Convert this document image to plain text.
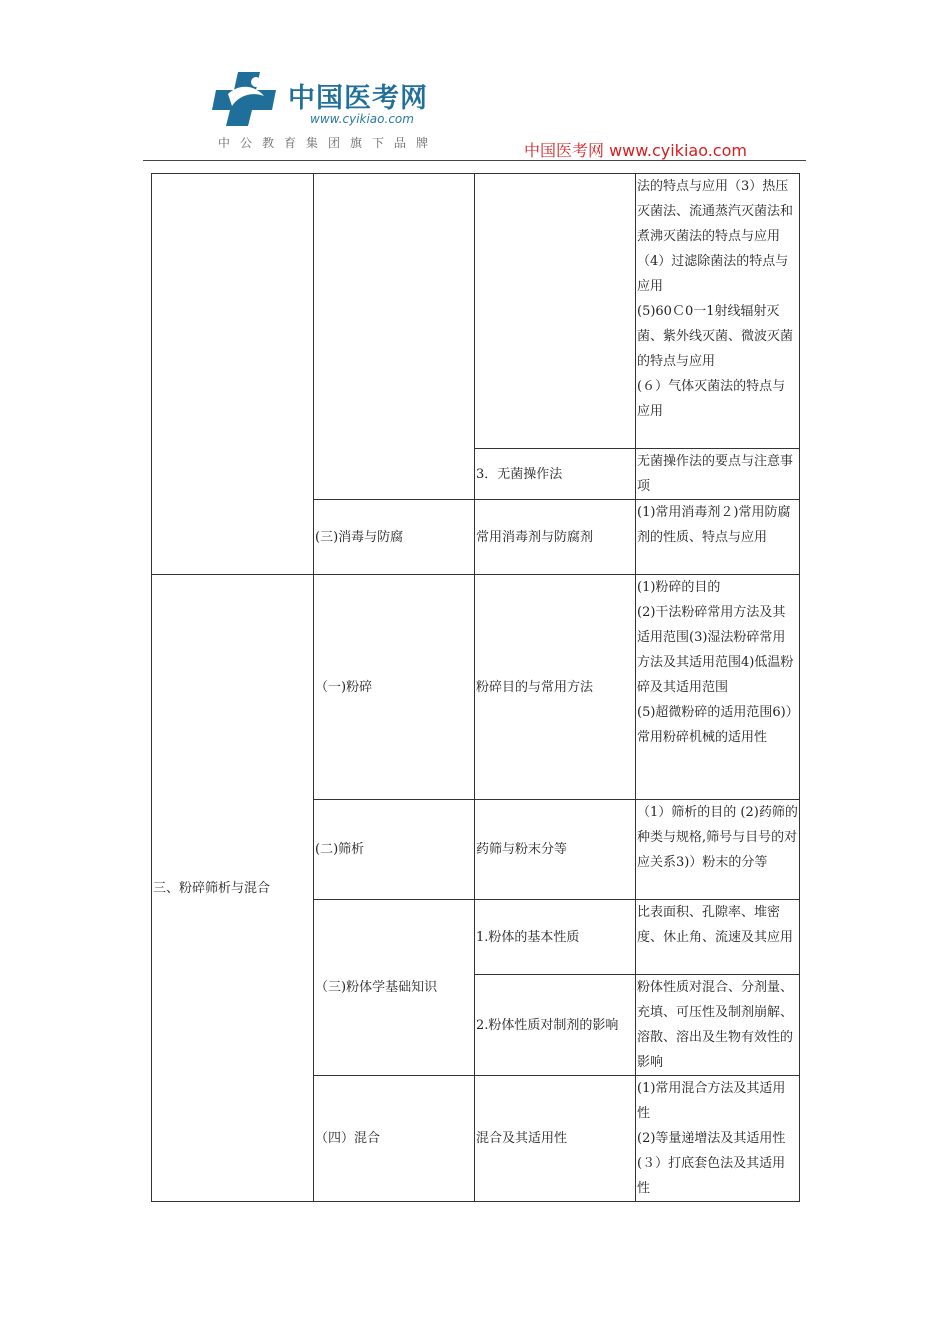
中国医考网
www.cyikiao.com
中公教育集团旗下品牌	中国医考网 www.cyikiao.com

			法的特点与应用（3）热压灭菌法、流通蒸汽灭菌法和煮沸灭菌法的特点与应用
（4）过滤除菌法的特点与应用
(5)60Ｃ0一1射线辐射灭菌、紫外线灭菌、微波灭菌的特点与应用
(６）气体灭菌法的特点与应用

		3．无菌操作法	无菌操作法的要点与注意事项
	(三)消毒与防腐	常用消毒剂与防腐剂	(1)常用消毒剂２)常用防腐剂的性质、特点与应用
三、粉碎筛析与混合	（一)粉碎	粉碎目的与常用方法	(1)粉碎的目的
(2)干法粉碎常用方法及其适用范围(3)湿法粉碎常用方法及其适用范围4)低温粉碎及其适用范围
(5)超微粉碎的适用范围6)）常用粉碎机械的适用性

	(二)筛析	药筛与粉末分等	（1）筛析的目的 (2)药筛的种类与规格,筛号与目号的对应关系3)）粉末的分等
	（三)粉体学基础知识	1.粉体的基本性质	比表面积、孔隙率、堆密度、休止角、流速及其应用
		2.粉体性质对制剂的影响	粉体性质对混合、分剂量、充填、可压性及制剂崩解、溶散、溶出及生物有效性的影响
	（四）混合	混合及其适用性	(1)常用混合方法及其适用性
(2)等量递增法及其适用性
(３）打底套色法及其适用性
